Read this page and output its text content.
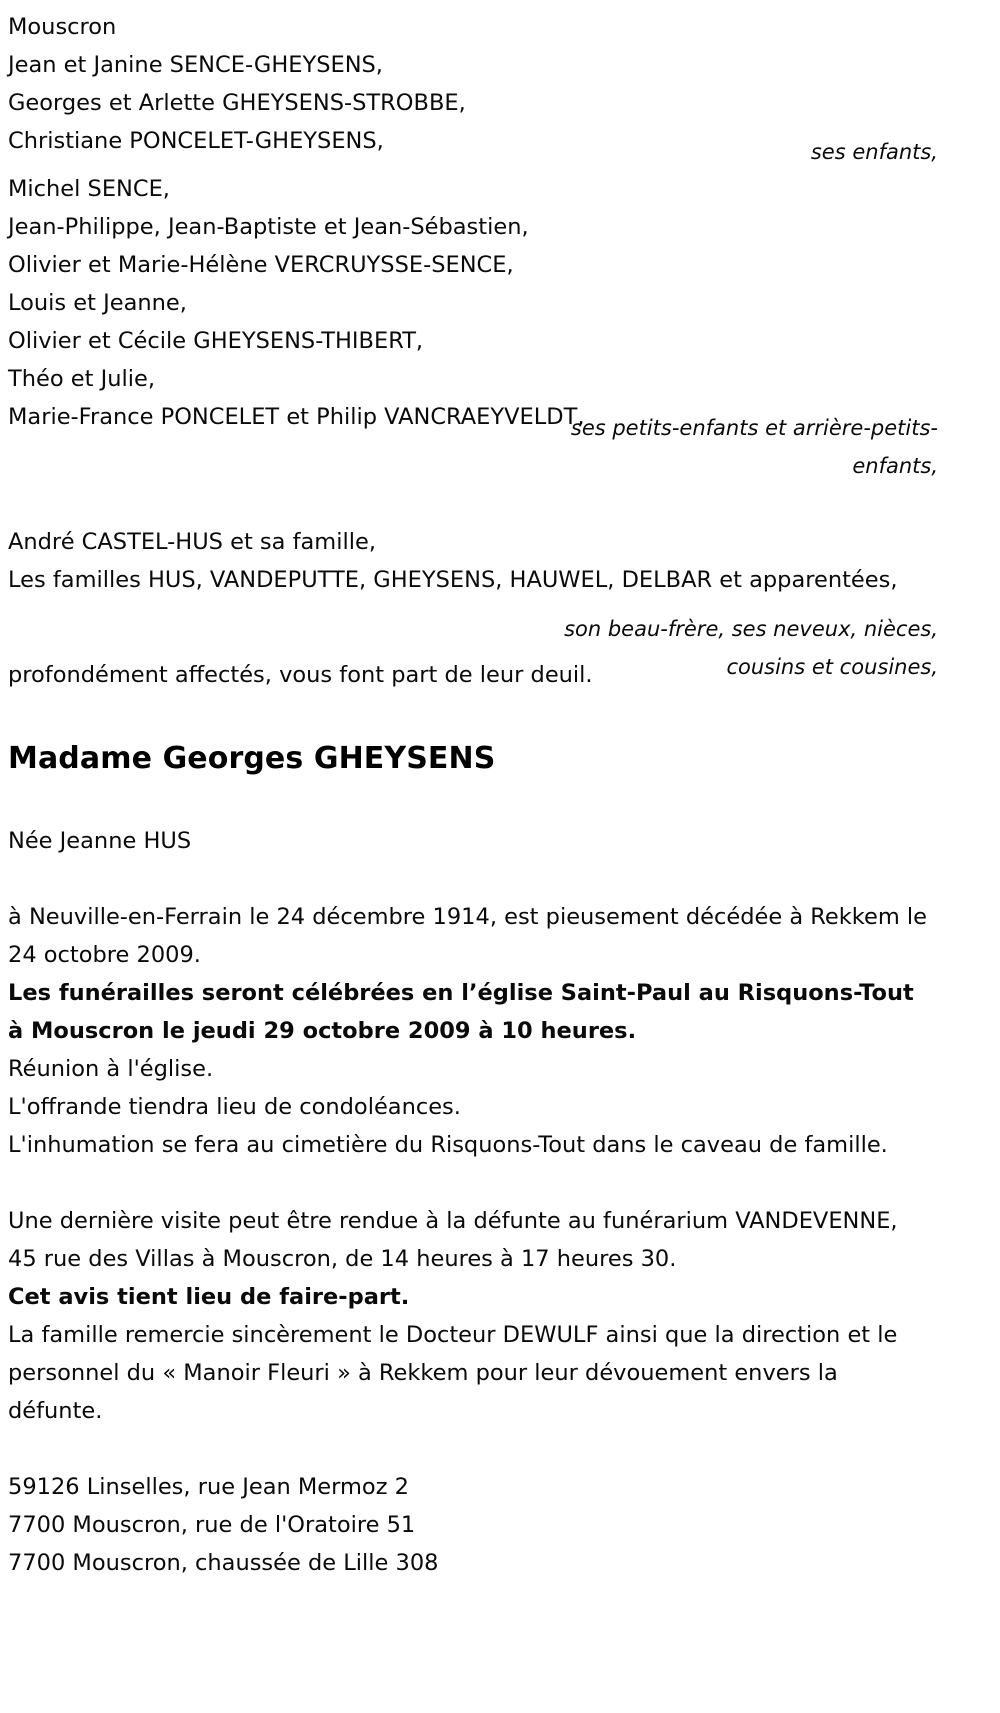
Mouscron
Jean et Janine SENCE-GHEYSENS,
Georges et Arlette GHEYSENS-STROBBE,
Christiane PONCELET-GHEYSENS,	ses enfants,
Michel SENCE,
Jean-Philippe, Jean-Baptiste et Jean-Sébastien,
Olivier et Marie-Hélène VERCRUYSSE-SENCE,
Louis et Jeanne,
Olivier et Cécile GHEYSENS-THIBERT,
Théo et Julie,
Marie-France PONCELET et Philip VANCRAEYVELDT,
ses petits-enfants et arrière-petits-enfants,
André CASTEL-HUS et sa famille,
Les familles HUS, VANDEPUTTE, GHEYSENS, HAUWEL, DELBAR et apparentées,
son beau-frère, ses neveux, nièces, cousins et cousines,
profondément affectés, vous font part de leur deuil.
Madame Georges GHEYSENS
Née Jeanne HUS
à Neuville-en-Ferrain le 24 décembre 1914, est pieusement décédée à Rekkem le 24 octobre 2009.
Les funérailles seront célébrées en l’église Saint-Paul au Risquons-Tout à Mouscron le jeudi 29 octobre 2009 à 10 heures.
Réunion à l'église.
L'offrande tiendra lieu de condoléances.
L'inhumation se fera au cimetière du Risquons-Tout dans le caveau de famille.
Une dernière visite peut être rendue à la défunte au funérarium VANDEVENNE, 45 rue des Villas à Mouscron, de 14 heures à 17 heures 30.
Cet avis tient lieu de faire-part.
La famille remercie sincèrement le Docteur DEWULF ainsi que la direction et le personnel du « Manoir Fleuri » à Rekkem pour leur dévouement envers la défunte.
59126 Linselles, rue Jean Mermoz 2
7700 Mouscron, rue de l'Oratoire 51
7700 Mouscron, chaussée de Lille 308
